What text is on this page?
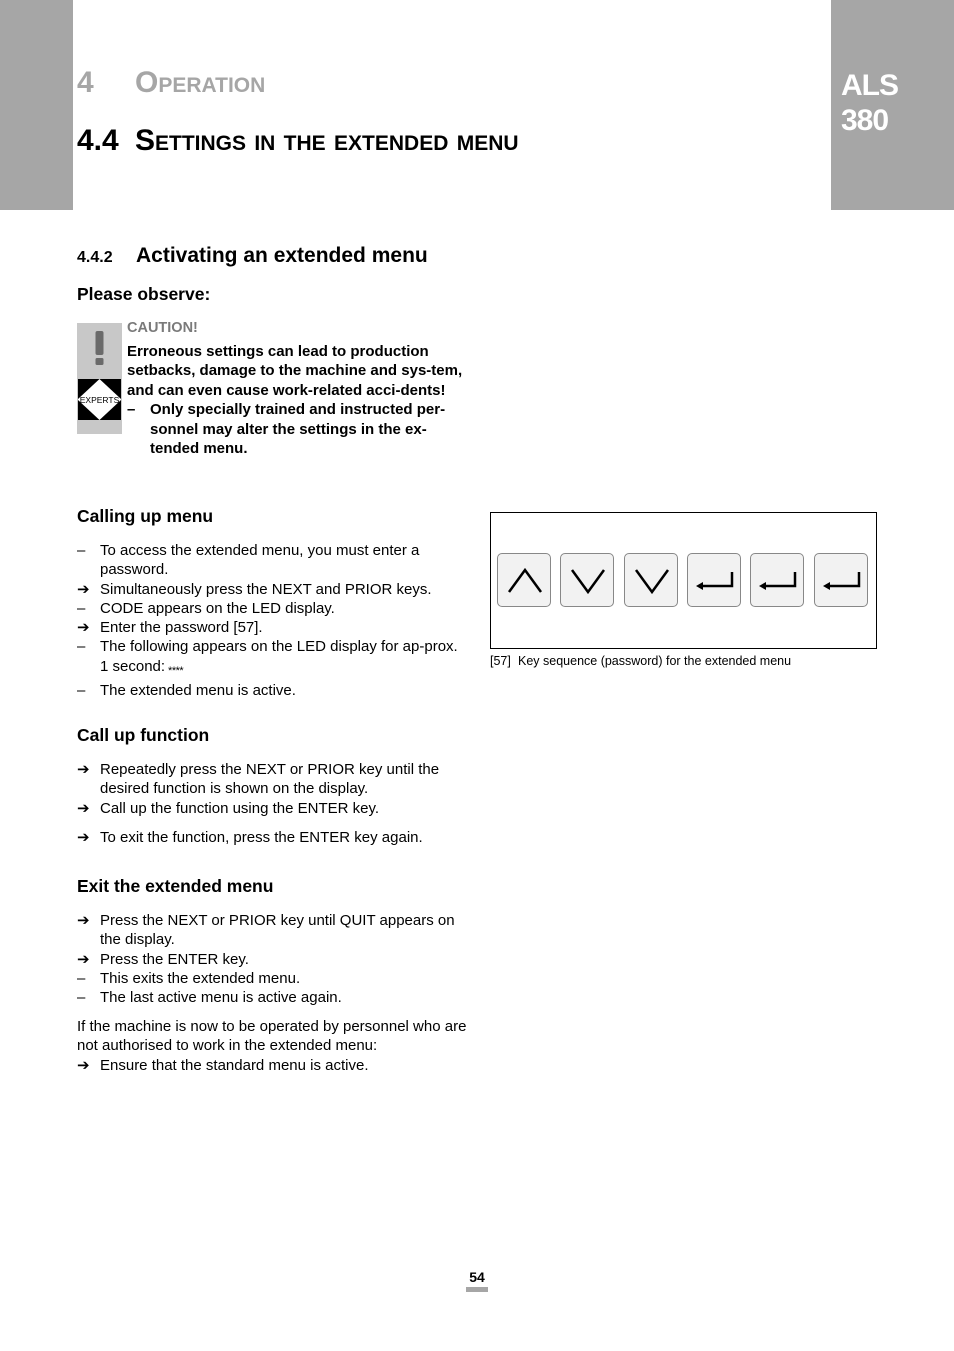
ALS
380
4 Operation
4.4 Settings in the extended menu
4.4.2 Activating an extended menu
Please observe:
EXPERTS
CAUTION!
Erroneous settings can lead to production setbacks, damage to the machine and sys-tem, and can even cause work-related acci-dents!
– Only specially trained and instructed per-sonnel may alter the settings in the ex-tended menu.
Calling up menu
– To access the extended menu, you must enter a password.
➔ Simultaneously press the NEXT and PRIOR keys.
– CODE appears on the LED display.
➔ Enter the password [57].
– The following appears on the LED display for ap-prox. 1 second: $_{****}$
– The extended menu is active.
Call up function
➔ Repeatedly press the NEXT or PRIOR key until the desired function is shown on the display.
➔ Call up the function using the ENTER key.
➔ To exit the function, press the ENTER key again.
Exit the extended menu
➔ Press the NEXT or PRIOR key until QUIT appears on the display.
➔ Press the ENTER key.
– This exits the extended menu.
– The last active menu is active again.
If the machine is now to be operated by personnel who are not authorised to work in the extended menu:
➔ Ensure that the standard menu is active.
[57] Key sequence (password) for the extended menu
54
